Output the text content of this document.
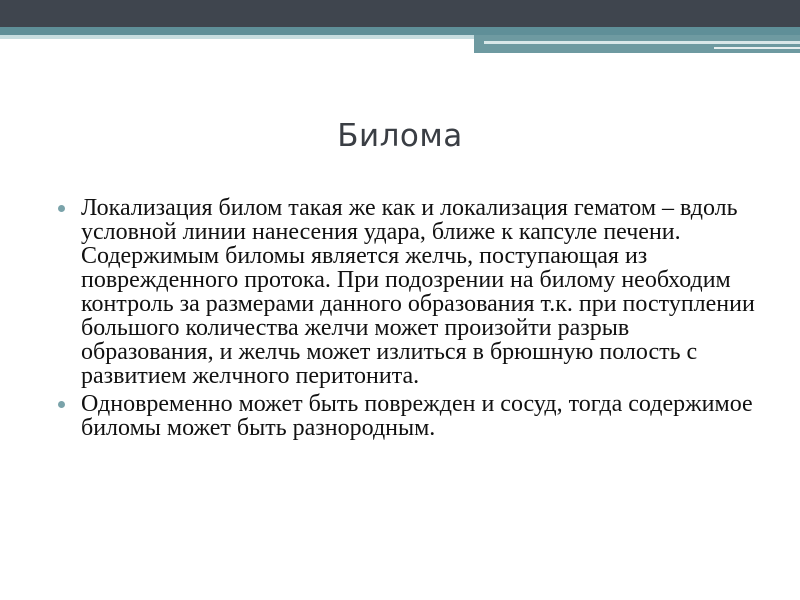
Билома
Локализация билом такая же как и локализация гематом – вдоль условной линии нанесения удара, ближе к капсуле печени. Содержимым биломы является желчь, поступающая из поврежденного протока. При подозрении на билому необходим контроль за размерами данного образования т.к. при поступлении большого количества желчи может произойти разрыв образования, и желчь может излиться в брюшную полость с развитием желчного перитонита.
Одновременно может быть поврежден и сосуд, тогда содержимое биломы может быть разнородным.
